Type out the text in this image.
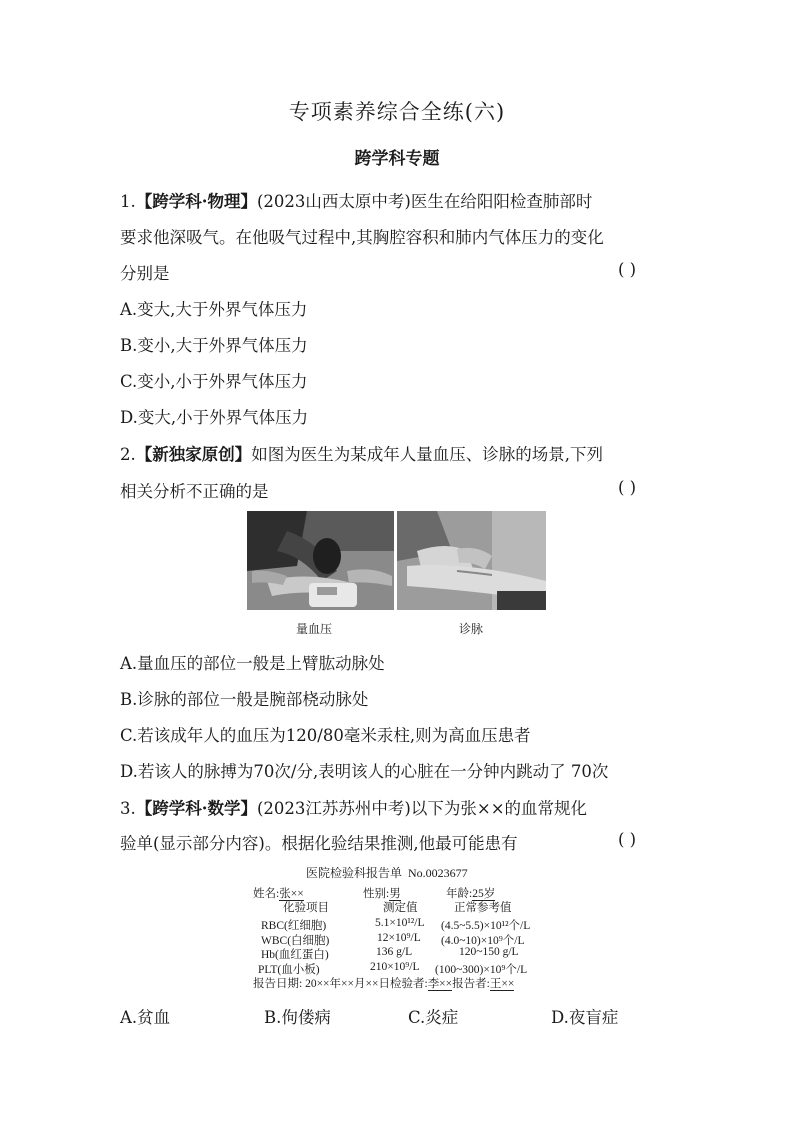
专项素养综合全练(六)
跨学科专题
1.【跨学科·物理】(2023山西太原中考)医生在给阳阳检查肺部时
要求他深吸气。在他吸气过程中,其胸腔容积和肺内气体压力的变化
分别是	( )
A.变大,大于外界气体压力
B.变小,大于外界气体压力
C.变小,小于外界气体压力
D.变大,小于外界气体压力
2.【新独家原创】如图为医生为某成年人量血压、诊脉的场景,下列
相关分析不正确的是	( )
量血压	诊脉
A.量血压的部位一般是上臂肱动脉处
B.诊脉的部位一般是腕部桡动脉处
C.若该成年人的血压为120/80毫米汞柱,则为高血压患者
D.若该人的脉搏为70次/分,表明该人的心脏在一分钟内跳动了 70次
3.【跨学科·数学】(2023江苏苏州中考)以下为张××的血常规化
验单(显示部分内容)。根据化验结果推测,他最可能患有	( )
医院检验科报告单 No.0023677
姓名:张××	性别:男	年龄:25岁
化验项目	测定值	正常参考值
RBC(红细胞)	5.1×10¹²/L (4.5~5.5)×10¹²个/L
WBC(白细胞)	12×10⁹/L (4.0~10)×10⁹个/L
Hb(血红蛋白)	136 g/L	120~150 g/L
PLT(血小板)	210×10⁹/L (100~300)×10⁹个/L
报告日期: 20××年××月××日检验者:李××报告者:王××
A.贫血	B.佝偻病	C.炎症	D.夜盲症
